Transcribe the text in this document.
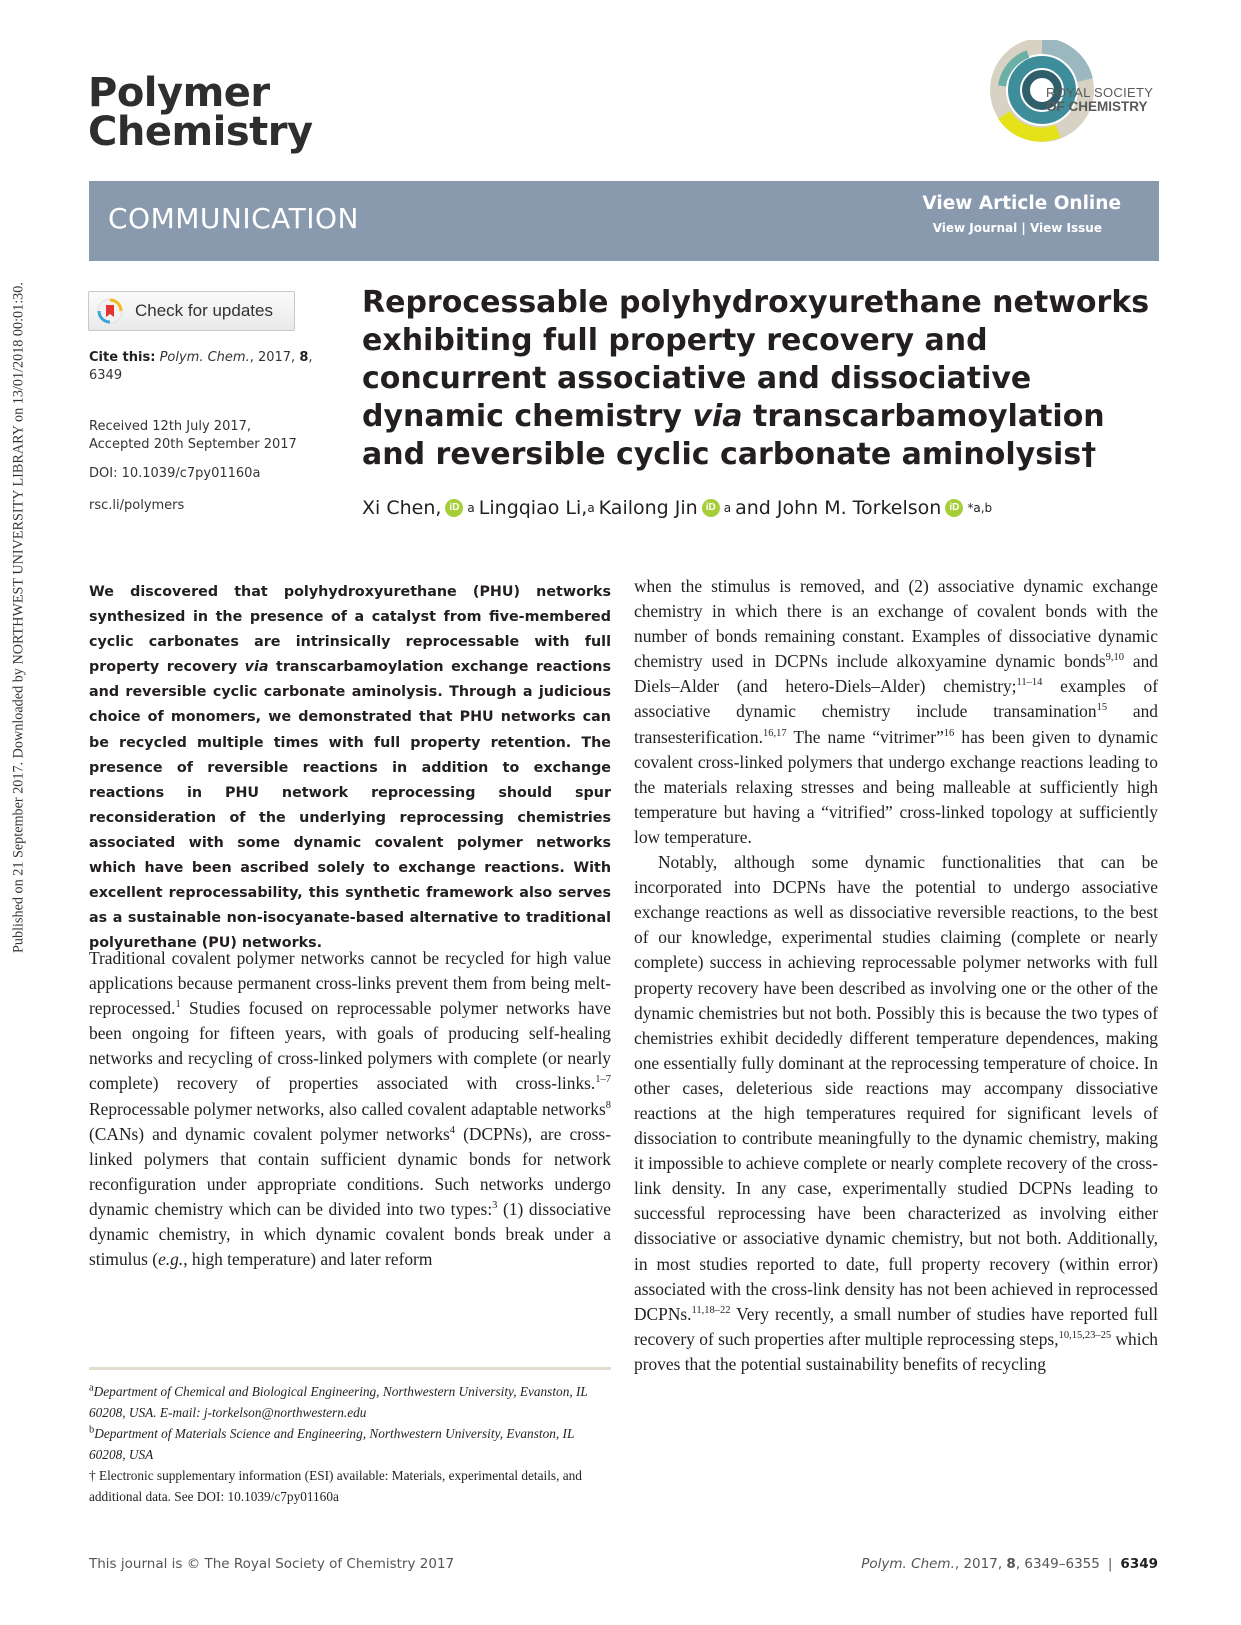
Published on 21 September 2017. Downloaded by NORTHWEST UNIVERSITY LIBRARY on 13/01/2018 00:01:30.
Polymer
Chemistry
ROYAL SOCIETY
OF CHEMISTRY
COMMUNICATION	View Article Online
View Journal | View Issue
Check for updates
Cite this: Polym. Chem., 2017, 8,
6349
Received 12th July 2017,
Accepted 20th September 2017
DOI: 10.1039/c7py01160a
rsc.li/polymers
Reprocessable polyhydroxyurethane networks exhibiting full property recovery and concurrent associative and dissociative dynamic chemistry via transcarbamoylation and reversible cyclic carbonate aminolysis†
Xi Chen, iD a Lingqiao Li, a Kailong Jin iD a and John M. Torkelson iD *a,b
We discovered that polyhydroxyurethane (PHU) networks synthesized in the presence of a catalyst from five-membered cyclic carbonates are intrinsically reprocessable with full property recovery via transcarbamoylation exchange reactions and reversible cyclic carbonate aminolysis. Through a judicious choice of monomers, we demonstrated that PHU networks can be recycled multiple times with full property retention. The presence of reversible reactions in addition to exchange reactions in PHU network reprocessing should spur reconsideration of the underlying reprocessing chemistries associated with some dynamic covalent polymer networks which have been ascribed solely to exchange reactions. With excellent reprocessability, this synthetic framework also serves as a sustainable non-isocyanate-based alternative to traditional polyurethane (PU) networks.
Traditional covalent polymer networks cannot be recycled for high value applications because permanent cross-links prevent them from being melt-reprocessed.$^1$ Studies focused on reprocessable polymer networks have been ongoing for fifteen years, with goals of producing self-healing networks and recycling of cross-linked polymers with complete (or nearly complete) recovery of properties associated with cross-links.$^{1-7}$ Reprocessable polymer networks, also called covalent adaptable networks$^8$ (CANs) and dynamic covalent polymer networks$^4$ (DCPNs), are cross-linked polymers that contain sufficient dynamic bonds for network reconfiguration under appropriate conditions. Such networks undergo dynamic chemistry which can be divided into two types:$^3$ (1) dissociative dynamic chemistry, in which dynamic covalent bonds break under a stimulus (e.g., high temperature) and later reform

when the stimulus is removed, and (2) associative dynamic exchange chemistry in which there is an exchange of covalent bonds with the number of bonds remaining constant. Examples of dissociative dynamic chemistry used in DCPNs include alkoxyamine dynamic bonds$^{9,10}$ and Diels–Alder (and hetero-Diels–Alder) chemistry;$^{11-14}$ examples of associative dynamic chemistry include transamination$^{15}$ and transesterification.$^{16,17}$ The name “vitrimer”$^{16}$ has been given to dynamic covalent cross-linked polymers that undergo exchange reactions leading to the materials relaxing stresses and being malleable at sufficiently high temperature but having a “vitrified” cross-linked topology at sufficiently low temperature.

Notably, although some dynamic functionalities that can be incorporated into DCPNs have the potential to undergo associative exchange reactions as well as dissociative reversible reactions, to the best of our knowledge, experimental studies claiming (complete or nearly complete) success in achieving reprocessable polymer networks with full property recovery have been described as involving one or the other of the dynamic chemistries but not both. Possibly this is because the two types of chemistries exhibit decidedly different temperature dependences, making one essentially fully dominant at the reprocessing temperature of choice. In other cases, deleterious side reactions may accompany dissociative reactions at the high temperatures required for significant levels of dissociation to contribute meaningfully to the dynamic chemistry, making it impossible to achieve complete or nearly complete recovery of the cross-link density. In any case, experimentally studied DCPNs leading to successful reprocessing have been characterized as involving either dissociative or associative dynamic chemistry, but not both. Additionally, in most studies reported to date, full property recovery (within error) associated with the cross-link density has not been achieved in reprocessed DCPNs.$^{11,18-22}$ Very recently, a small number of studies have reported full recovery of such properties after multiple reprocessing steps,$^{10,15,23-25}$ which proves that the potential sustainability benefits of recycling

$^a$Department of Chemical and Biological Engineering, Northwestern University, Evanston, IL 60208, USA. E-mail: j-torkelson@northwestern.edu
$^b$Department of Materials Science and Engineering, Northwestern University, Evanston, IL 60208, USA
† Electronic supplementary information (ESI) available: Materials, experimental details, and additional data. See DOI: 10.1039/c7py01160a
This journal is © The Royal Society of Chemistry 2017	Polym. Chem., 2017, 8, 6349–6355 | 6349
